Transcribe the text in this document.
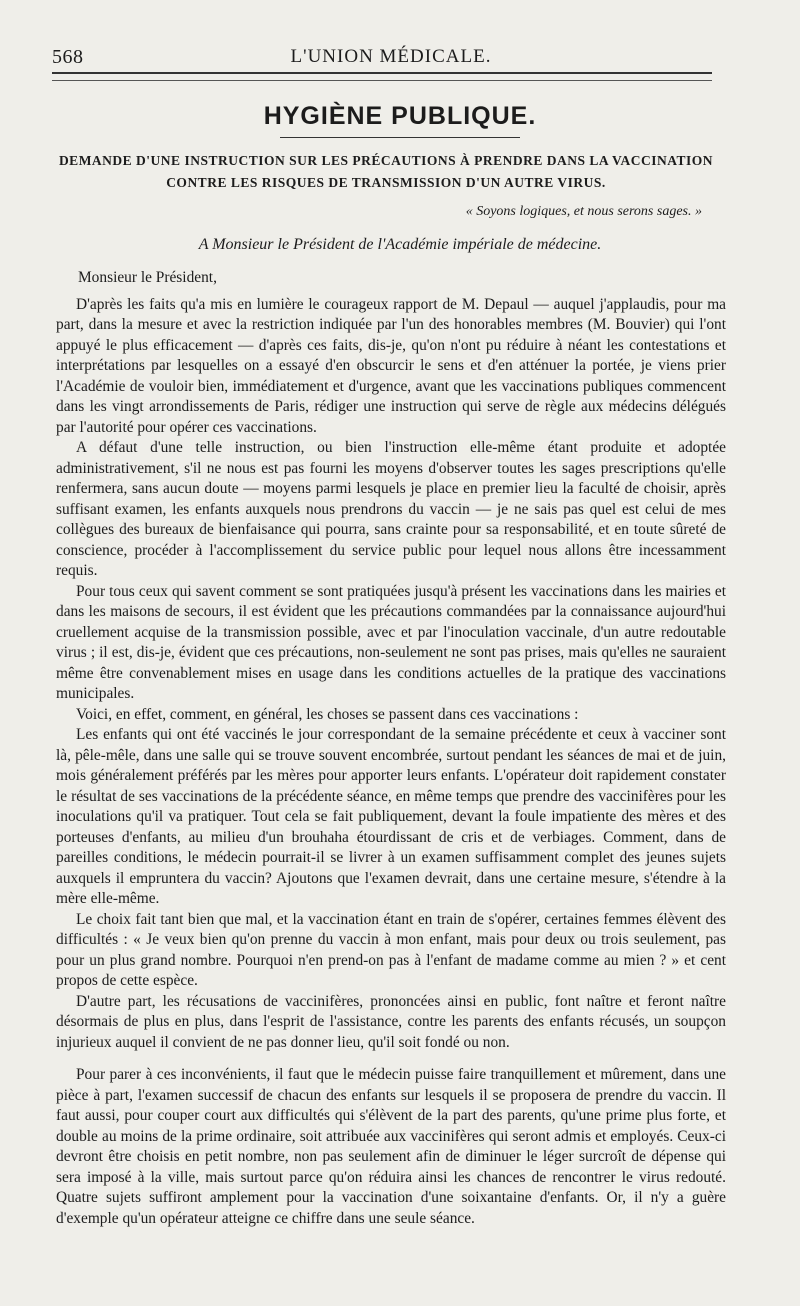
568	L'UNION MÉDICALE.
HYGIÈNE PUBLIQUE.
DEMANDE D'UNE INSTRUCTION SUR LES PRÉCAUTIONS À PRENDRE DANS LA VACCINATION CONTRE LES RISQUES DE TRANSMISSION D'UN AUTRE VIRUS.
« Soyons logiques, et nous serons sages. »
A Monsieur le Président de l'Académie impériale de médecine.

Monsieur le Président,

D'après les faits qu'a mis en lumière le courageux rapport de M. Depaul — auquel j'applaudis, pour ma part, dans la mesure et avec la restriction indiquée par l'un des honorables membres (M. Bouvier) qui l'ont appuyé le plus efficacement — d'après ces faits, dis-je, qu'on n'ont pu réduire à néant les contestations et interprétations par lesquelles on a essayé d'en obscurcir le sens et d'en atténuer la portée, je viens prier l'Académie de vouloir bien, immédiatement et d'urgence, avant que les vaccinations publiques commencent dans les vingt arrondissements de Paris, rédiger une instruction qui serve de règle aux médecins délégués par l'autorité pour opérer ces vaccinations.

A défaut d'une telle instruction, ou bien l'instruction elle-même étant produite et adoptée administrativement, s'il ne nous est pas fourni les moyens d'observer toutes les sages prescriptions qu'elle renfermera, sans aucun doute — moyens parmi lesquels je place en premier lieu la faculté de choisir, après suffisant examen, les enfants auxquels nous prendrons du vaccin — je ne sais pas quel est celui de mes collègues des bureaux de bienfaisance qui pourra, sans crainte pour sa responsabilité, et en toute sûreté de conscience, procéder à l'accomplissement du service public pour lequel nous allons être incessamment requis.

Pour tous ceux qui savent comment se sont pratiquées jusqu'à présent les vaccinations dans les mairies et dans les maisons de secours, il est évident que les précautions commandées par la connaissance aujourd'hui cruellement acquise de la transmission possible, avec et par l'inoculation vaccinale, d'un autre redoutable virus ; il est, dis-je, évident que ces précautions, non-seulement ne sont pas prises, mais qu'elles ne sauraient même être convenablement mises en usage dans les conditions actuelles de la pratique des vaccinations municipales.

Voici, en effet, comment, en général, les choses se passent dans ces vaccinations :

Les enfants qui ont été vaccinés le jour correspondant de la semaine précédente et ceux à vacciner sont là, pêle-mêle, dans une salle qui se trouve souvent encombrée, surtout pendant les séances de mai et de juin, mois généralement préférés par les mères pour apporter leurs enfants. L'opérateur doit rapidement constater le résultat de ses vaccinations de la précédente séance, en même temps que prendre des vaccinifères pour les inoculations qu'il va pratiquer. Tout cela se fait publiquement, devant la foule impatiente des mères et des porteuses d'enfants, au milieu d'un brouhaha étourdissant de cris et de verbiages. Comment, dans de pareilles conditions, le médecin pourrait-il se livrer à un examen suffisamment complet des jeunes sujets auxquels il empruntera du vaccin? Ajoutons que l'examen devrait, dans une certaine mesure, s'étendre à la mère elle-même.

Le choix fait tant bien que mal, et la vaccination étant en train de s'opérer, certaines femmes élèvent des difficultés : « Je veux bien qu'on prenne du vaccin à mon enfant, mais pour deux ou trois seulement, pas pour un plus grand nombre. Pourquoi n'en prend-on pas à l'enfant de madame comme au mien ? » et cent propos de cette espèce.

D'autre part, les récusations de vaccinifères, prononcées ainsi en public, font naître et feront naître désormais de plus en plus, dans l'esprit de l'assistance, contre les parents des enfants récusés, un soupçon injurieux auquel il convient de ne pas donner lieu, qu'il soit fondé ou non.

Pour parer à ces inconvénients, il faut que le médecin puisse faire tranquillement et mûrement, dans une pièce à part, l'examen successif de chacun des enfants sur lesquels il se proposera de prendre du vaccin. Il faut aussi, pour couper court aux difficultés qui s'élèvent de la part des parents, qu'une prime plus forte, et double au moins de la prime ordinaire, soit attribuée aux vaccinifères qui seront admis et employés. Ceux-ci devront être choisis en petit nombre, non pas seulement afin de diminuer le léger surcroît de dépense qui sera imposé à la ville, mais surtout parce qu'on réduira ainsi les chances de rencontrer le virus redouté. Quatre sujets suffiront amplement pour la vaccination d'une soixantaine d'enfants. Or, il n'y a guère d'exemple qu'un opérateur atteigne ce chiffre dans une seule séance.
